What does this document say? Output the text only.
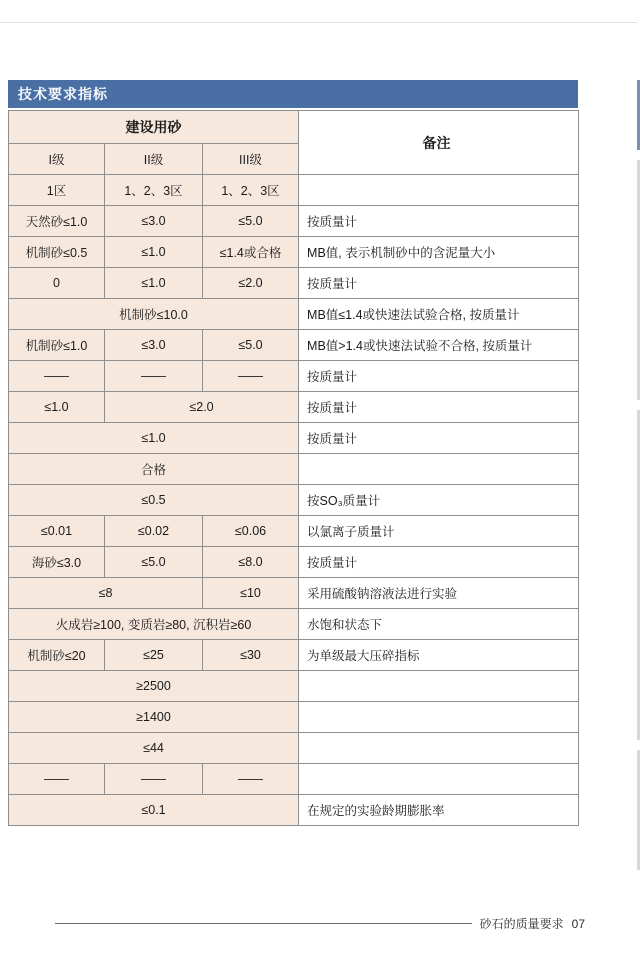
技术要求指标
建设用砂			备注
I级	II级	III级	
1区	1、2、3区	1、2、3区	
天然砂≤1.0	≤3.0	≤5.0	按质量计
机制砂≤0.5	≤1.0	≤1.4或合格	MB值, 表示机制砂中的含泥量大小
0	≤1.0	≤2.0	按质量计
机制砂≤10.0			MB值≤1.4或快速法试验合格, 按质量计
机制砂≤1.0	≤3.0	≤5.0	MB值>1.4或快速法试验不合格, 按质量计
——	——	——	按质量计
≤1.0	≤2.0		按质量计
≤1.0			按质量计
合格			
≤0.5			按SO₃质量计
≤0.01	≤0.02	≤0.06	以氯离子质量计
海砂≤3.0	≤5.0	≤8.0	按质量计
≤8		≤10	采用硫酸钠溶液法进行实验
火成岩≥100, 变质岩≥80, 沉积岩≥60			水饱和状态下
机制砂≤20	≤25	≤30	为单级最大压碎指标
≥2500			
≥1400			
≤44			
——	——	——	
≤0.1			在规定的实验龄期膨胀率
砂石的质量要求 07
